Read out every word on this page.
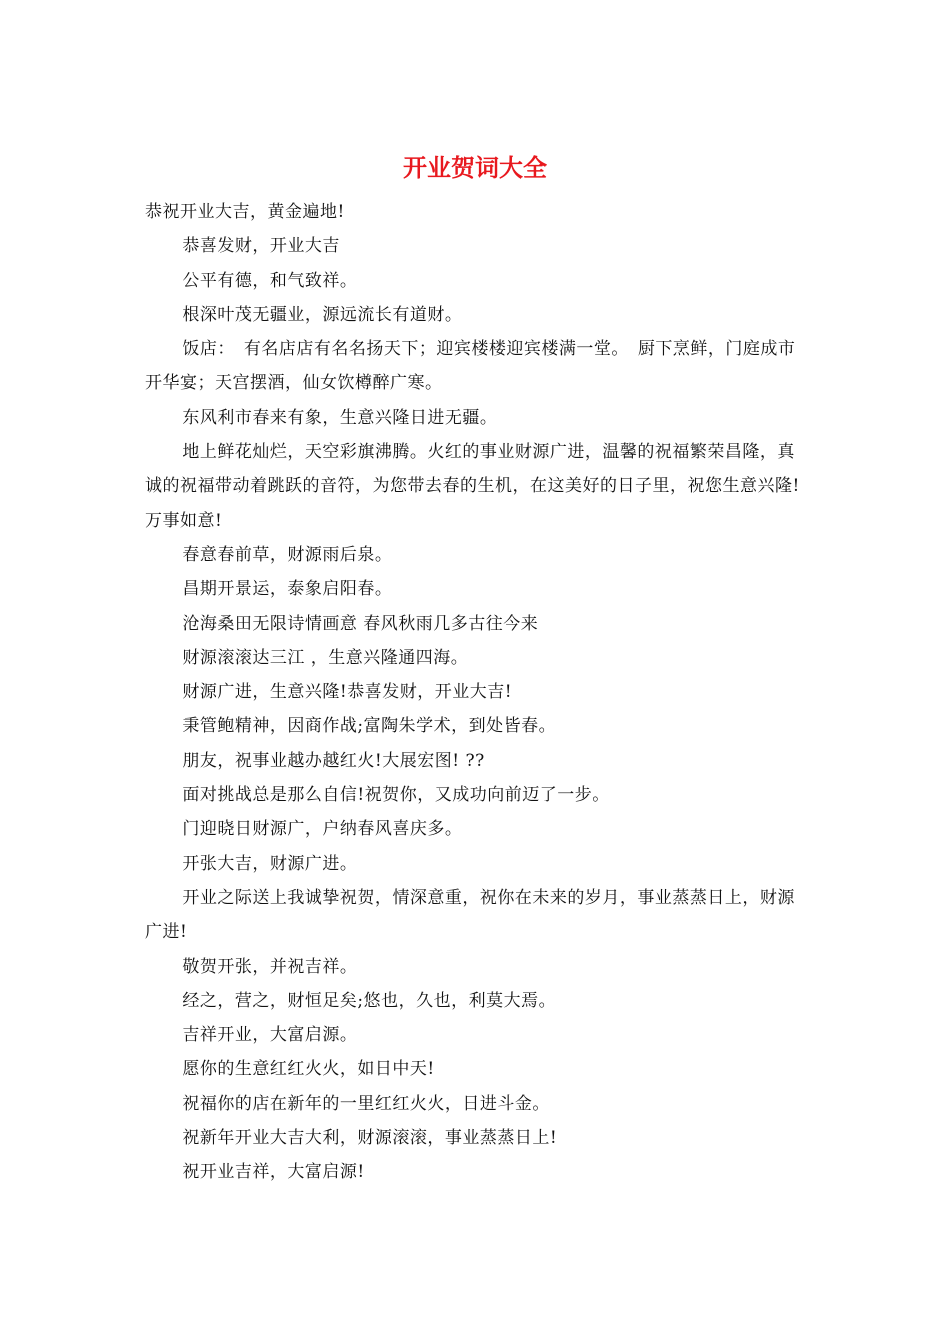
开业贺词大全

恭祝开业大吉，黄金遍地!

恭喜发财，开业大吉

公平有德，和气致祥。

根深叶茂无疆业，源远流长有道财。

饭店：　有名店店有名名扬天下；迎宾楼楼迎宾楼满一堂。　厨下烹鲜，门庭成市开华宴；天宫摆酒，仙女饮樽醉广寒。

东风利市春来有象，生意兴隆日进无疆。

地上鲜花灿烂，天空彩旗沸腾。火红的事业财源广进，温馨的祝福繁荣昌隆，真诚的祝福带动着跳跃的音符，为您带去春的生机，在这美好的日子里，祝您生意兴隆!万事如意!

春意春前草，财源雨后泉。

昌期开景运，泰象启阳春。

沧海桑田无限诗情画意 春风秋雨几多古往今来

财源滚滚达三江 ，生意兴隆通四海。

财源广进，生意兴隆!恭喜发财，开业大吉!

秉管鲍精神，因商作战;富陶朱学术，到处皆春。

朋友，祝事业越办越红火!大展宏图! ??

面对挑战总是那么自信!祝贺你，又成功向前迈了一步。

门迎晓日财源广，户纳春风喜庆多。

开张大吉，财源广进。

开业之际送上我诚挚祝贺，情深意重，祝你在未来的岁月，事业蒸蒸日上，财源广进!

敬贺开张，并祝吉祥。

经之，营之，财恒足矣;悠也，久也，利莫大焉。

吉祥开业，大富启源。

愿你的生意红红火火，如日中天!

祝福你的店在新年的一里红红火火，日进斗金。

祝新年开业大吉大利，财源滚滚，事业蒸蒸日上!

祝开业吉祥，大富启源!
